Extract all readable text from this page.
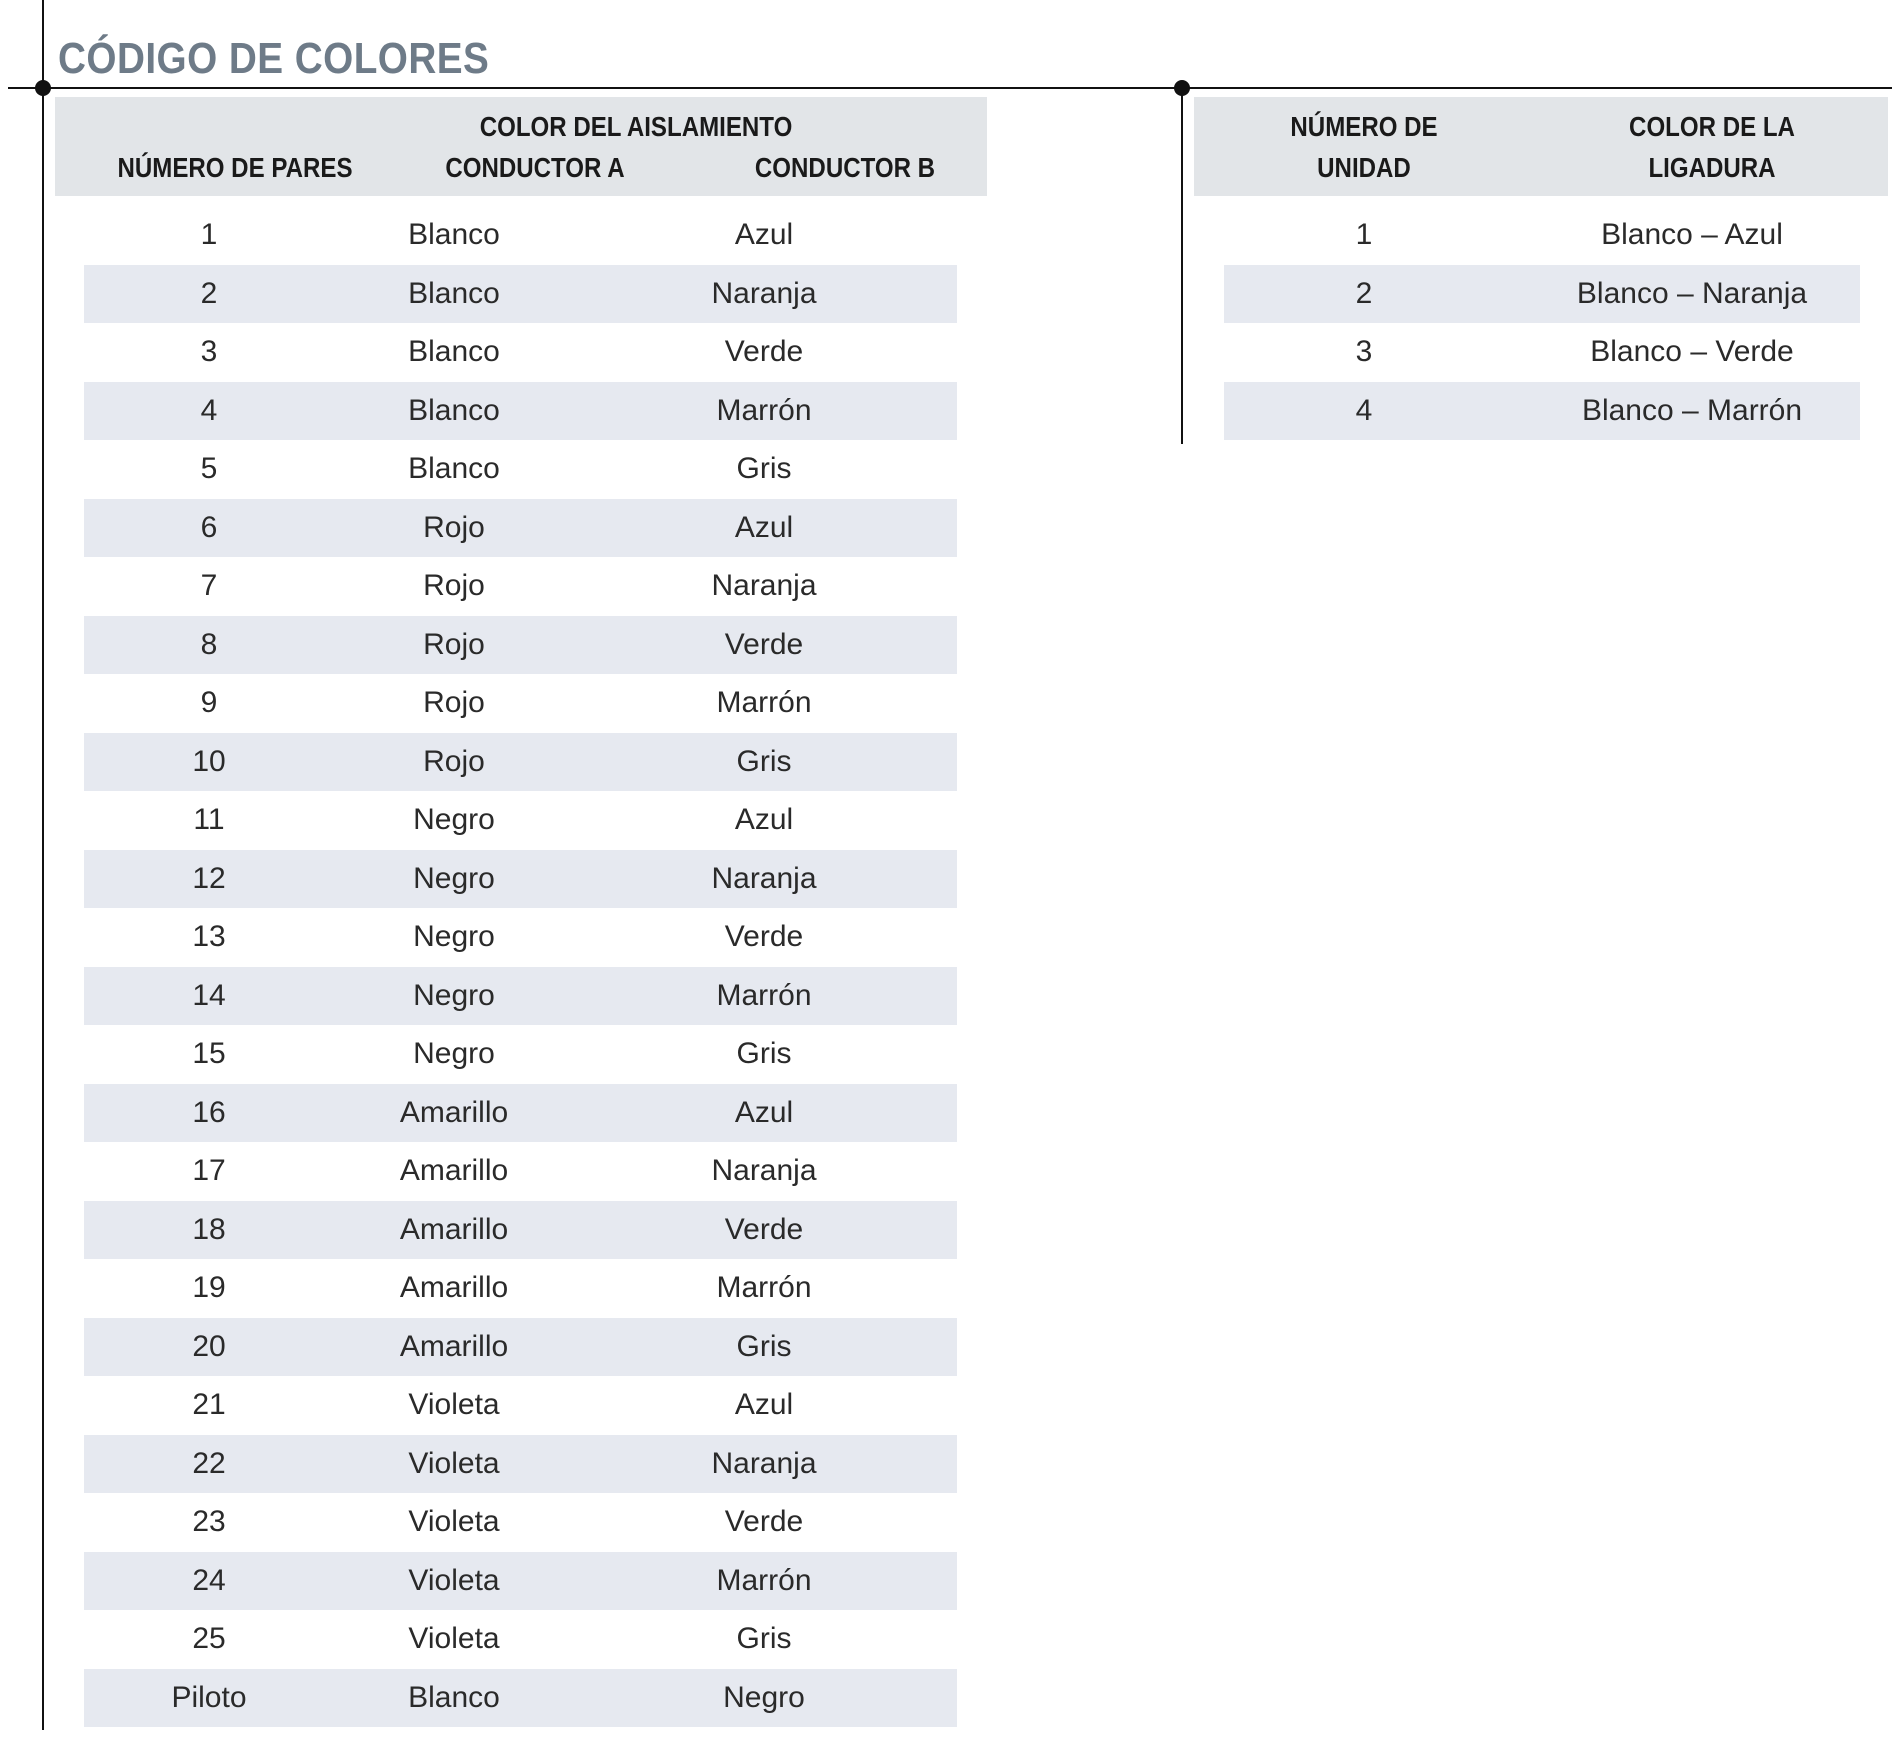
CÓDIGO DE COLORES
COLOR DEL AISLAMIENTO
NÚMERO DE PARES	CONDUCTOR A	CONDUCTOR B
1	Blanco	Azul
2	Blanco	Naranja
3	Blanco	Verde
4	Blanco	Marrón
5	Blanco	Gris
6	Rojo	Azul
7	Rojo	Naranja
8	Rojo	Verde
9	Rojo	Marrón
10	Rojo	Gris
11	Negro	Azul
12	Negro	Naranja
13	Negro	Verde
14	Negro	Marrón
15	Negro	Gris
16	Amarillo	Azul
17	Amarillo	Naranja
18	Amarillo	Verde
19	Amarillo	Marrón
20	Amarillo	Gris
21	Violeta	Azul
22	Violeta	Naranja
23	Violeta	Verde
24	Violeta	Marrón
25	Violeta	Gris
Piloto	Blanco	Negro
NÚMERO DE
UNIDAD
COLOR DE LA
LIGADURA
1	Blanco – Azul
2	Blanco – Naranja
3	Blanco – Verde
4	Blanco – Marrón
